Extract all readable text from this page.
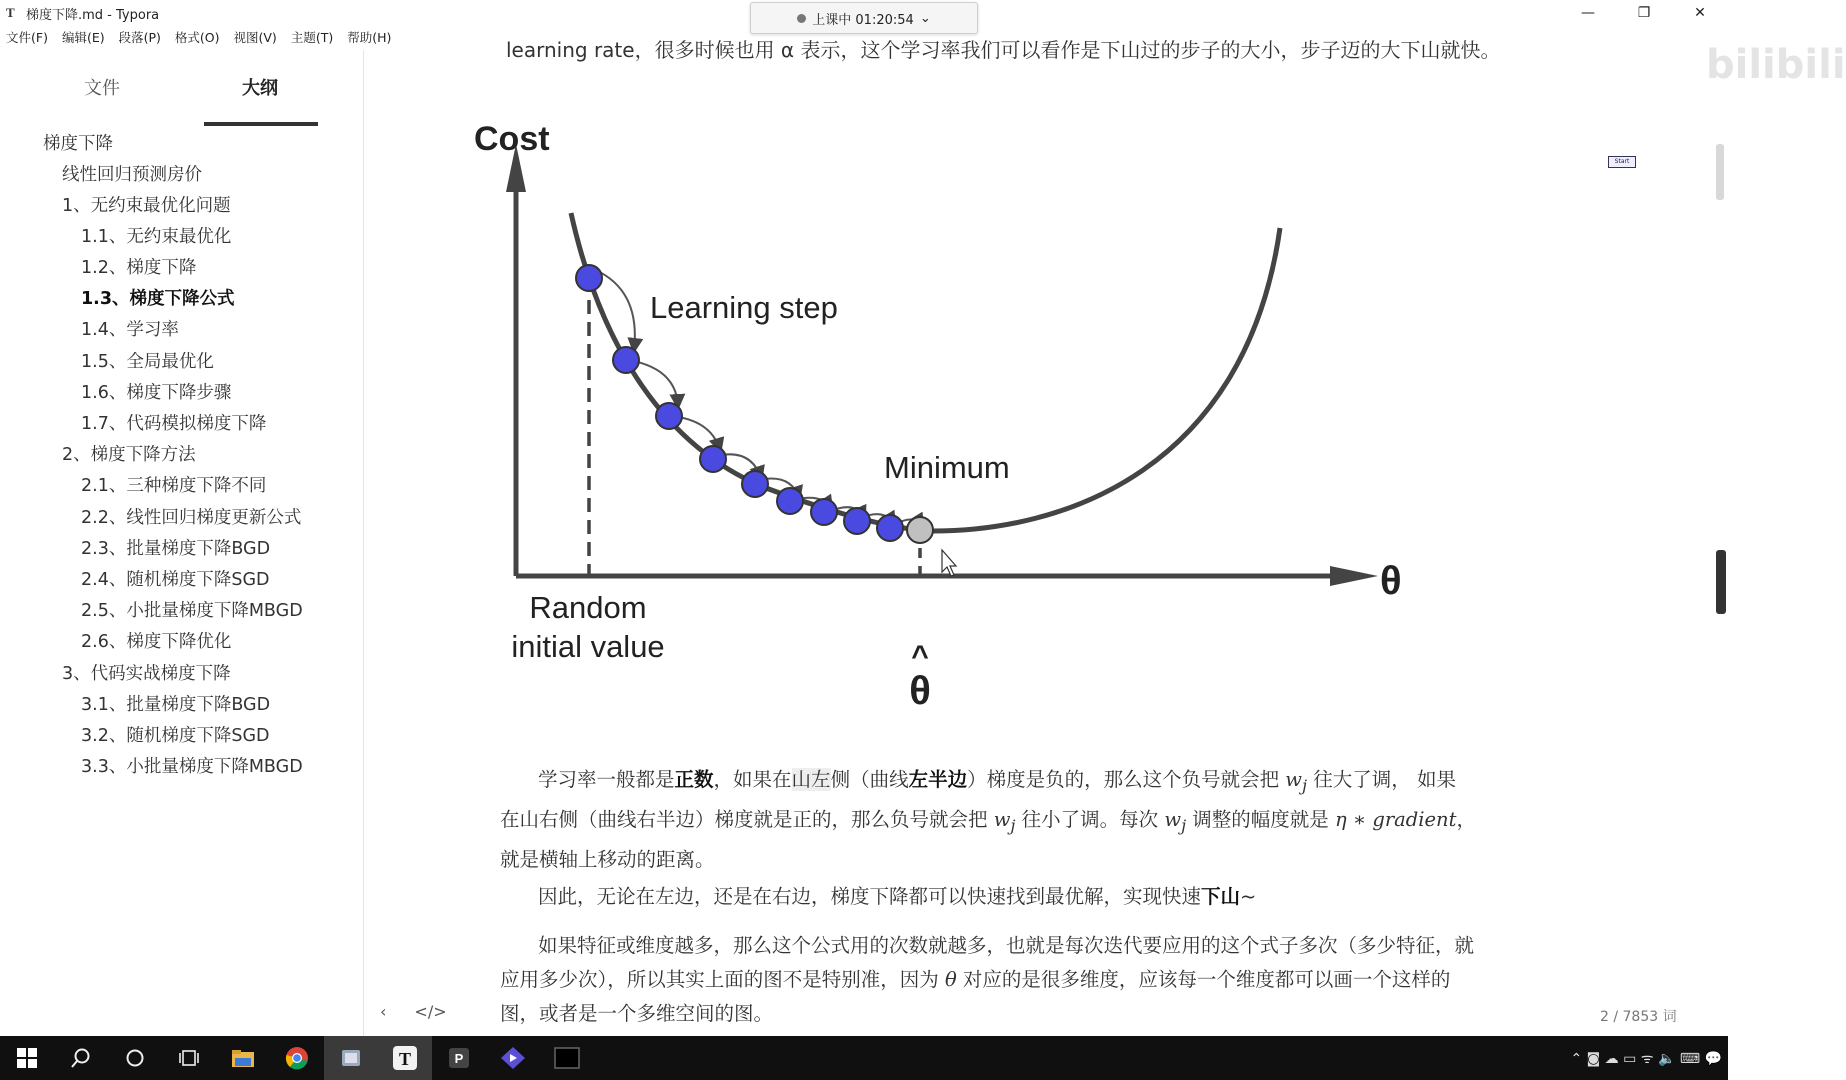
T 梯度下降.md - Typora	—	❐	✕
上课中 01:20:54 ⌄
文件(F) 编辑(E) 段落(P) 格式(O) 视图(V) 主题(T) 帮助(H)
文件	大纲
梯度下降
线性回归预测房价
1、无约束最优化问题
1.1、无约束最优化
1.2、梯度下降
1.3、梯度下降公式
1.4、学习率
1.5、全局最优化
1.6、梯度下降步骤
1.7、代码模拟梯度下降
2、梯度下降方法
2.1、三种梯度下降不同
2.2、线性回归梯度更新公式
2.3、批量梯度下降BGD
2.4、随机梯度下降SGD
2.5、小批量梯度下降MBGD
2.6、梯度下降优化
3、代码实战梯度下降
3.1、批量梯度下降BGD
3.2、随机梯度下降SGD
3.3、小批量梯度下降MBGD
learning rate，很多时候也用 α 表示，这个学习率我们可以看作是下山过的步子的大小，步子迈的大下山就快。	bilibili
Start
Cost
θ
Learning step
Minimum
Random
initial value	^
θ
学习率一般都是正数，如果在山左侧（曲线左半边）梯度是负的，那么这个负号就会把 $w_j$ 往大了调， 如果
在山右侧（曲线右半边）梯度就是正的，那么负号就会把 $w_j$ 往小了调。每次 $w_j$ 调整的幅度就是 η ∗ gradient，
就是横轴上移动的距离。
因此，无论在左边，还是在右边，梯度下降都可以快速找到最优解，实现快速下山~
如果特征或维度越多，那么这个公式用的次数就越多，也就是每次迭代要应用的这个式子多次（多少特征，就
应用多少次），所以其实上面的图不是特别准，因为 θ 对应的是很多维度，应该每一个维度都可以画一个这样的
图，或者是一个多维空间的图。
‹ </>	2 / 7853 词
T	P	⌃ ◙ ☁ ▭ ᯤ 🔈 ⌨ 💬
